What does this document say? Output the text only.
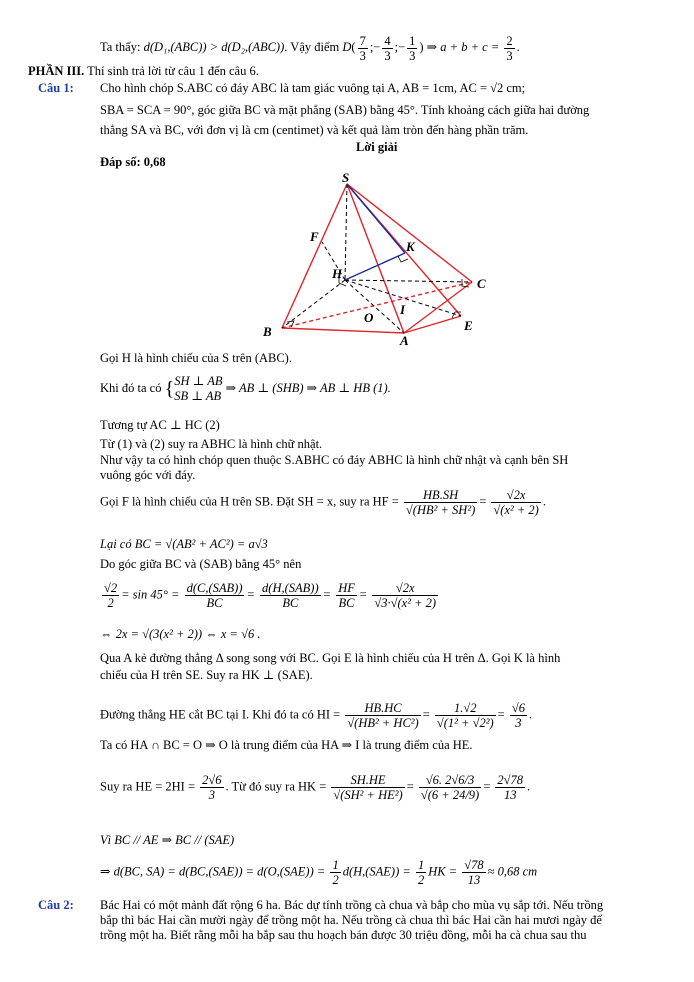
Ta thấy: d(D₁,(ABC)) > d(D₂,(ABC)). Vậy điểm $D( \frac{7}{3}$ ;− $\frac{4}{3}$ ;− $\frac{1}{3}$ ) ⇒ $a + b + c = \frac{2}{3}$ .
PHẦN III. Thí sinh trả lời từ câu 1 đến câu 6.
Câu 1: Cho hình chóp S.ABC có đáy ABC là tam giác vuông tại A, AB = 1cm, AC = √2 cm;
SBA = SCA = 90°, góc giữa BC và mặt phẳng (SAB) bằng 45°. Tính khoảng cách giữa hai đường
thẳng SA và BC, với đơn vị là cm (centimet) và kết quả làm tròn đến hàng phần trăm.
Lời giải
Đáp số: 0,68
S
F
K
H
C
O
I
B	E
A
Gọi H là hình chiếu của S trên (ABC).
Khi đó ta có { SH ⊥ AB
SB ⊥ AB
⇒ AB ⊥ (SHB) ⇒ AB ⊥ HB (1).
Tương tự AC ⊥ HC (2)
Từ (1) và (2) suy ra ABHC là hình chữ nhật.
Như vậy ta có hình chóp quen thuộc S.ABHC có đáy ABHC là hình chữ nhật và cạnh bên SH
vuông góc với đáy.
Gọi F là hình chiếu của H trên SB. Đặt SH = x, suy ra HF = $\frac{HB.SH}{\text{√(HB² + SH²)}} = \frac{√2x}{\text{√(x² + 2)}}$ .
Lại có BC = √(AB² + AC²) = a√3
Do góc giữa BC và (SAB) bằng 45° nên
$\frac{√2}{2} = \sin 45^\circ = \frac{\text{d(C,(SAB))}}{BC} = \frac{\text{d(H,(SAB))}}{BC} = \frac{HF}{BC} = \frac{√2x}{\text{√3·√(x² + 2)}}$
⇔ 2x = √(3(x² + 2)) ⇔ x = √6 .
Qua A kẻ đường thẳng Δ song song với BC. Gọi E là hình chiếu của H trên Δ. Gọi K là hình
chiếu của H trên SE. Suy ra HK ⊥ (SAE).
Đường thẳng HE cắt BC tại I. Khi đó ta có HI = $\frac{HB.HC}{\text{√(HB² + HC²)}} = \frac{1.√2}{\text{√(1² + √2²)}} = \frac{√6}{3}$ .
Ta có HA ∩ BC = O ⇒ O là trung điểm của HA ⇒ I là trung điểm của HE.
Suy ra HE = $2HI = \frac{2√6}{3}$ . Từ đó suy ra HK = $\frac{SH.HE}{\text{√(SH² + HE²)}} = \frac{√6. 2√6/3}{√(6 + 24/9)} = \frac{2√78}{13}$ .
Vì BC // AE ⇒ BC // (SAE)
⇒ d(BC, $SA) = d(BC,(SAE)) = d(O,(SAE)) = \frac{1}{2} d(H,(SAE)) = \frac{1}{2}$ HK = $\frac{√78}{13} \approx 0,68$ cm
Câu 2: Bác Hai có một mảnh đất rộng 6 ha. Bác dự tính trồng cà chua và bắp cho mùa vụ sắp tới. Nếu trồng
bắp thì bác Hai cần mười ngày để trồng một ha. Nếu trồng cà chua thì bác Hai cần hai mươi ngày để
trồng một ha. Biết rằng mỗi ha bắp sau thu hoạch bán được 30 triệu đồng, mỗi ha cà chua sau thu
